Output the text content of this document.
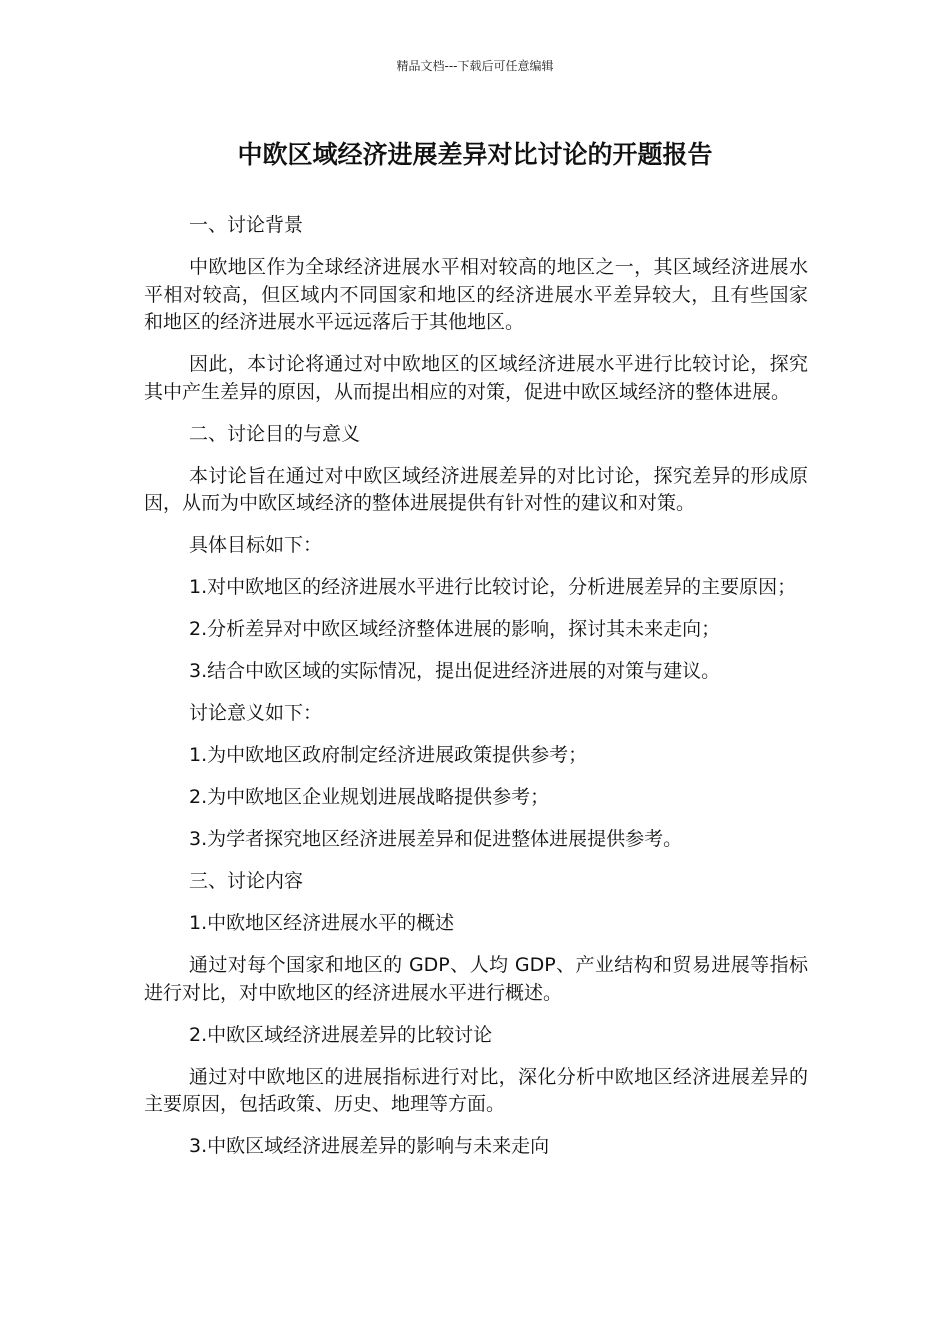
精品文档---下载后可任意编辑
中欧区域经济进展差异对比讨论的开题报告

一、讨论背景

中欧地区作为全球经济进展水平相对较高的地区之一，其区域经济进展水平相对较高，但区域内不同国家和地区的经济进展水平差异较大，且有些国家和地区的经济进展水平远远落后于其他地区。

因此，本讨论将通过对中欧地区的区域经济进展水平进行比较讨论，探究其中产生差异的原因，从而提出相应的对策，促进中欧区域经济的整体进展。

二、讨论目的与意义

本讨论旨在通过对中欧区域经济进展差异的对比讨论，探究差异的形成原因，从而为中欧区域经济的整体进展提供有针对性的建议和对策。

具体目标如下：

1.对中欧地区的经济进展水平进行比较讨论，分析进展差异的主要原因；

2.分析差异对中欧区域经济整体进展的影响，探讨其未来走向；

3.结合中欧区域的实际情况，提出促进经济进展的对策与建议。

讨论意义如下：

1.为中欧地区政府制定经济进展政策提供参考；

2.为中欧地区企业规划进展战略提供参考；

3.为学者探究地区经济进展差异和促进整体进展提供参考。

三、讨论内容

1.中欧地区经济进展水平的概述

通过对每个国家和地区的 GDP、人均 GDP、产业结构和贸易进展等指标进行对比，对中欧地区的经济进展水平进行概述。

2.中欧区域经济进展差异的比较讨论

通过对中欧地区的进展指标进行对比，深化分析中欧地区经济进展差异的主要原因，包括政策、历史、地理等方面。

3.中欧区域经济进展差异的影响与未来走向
